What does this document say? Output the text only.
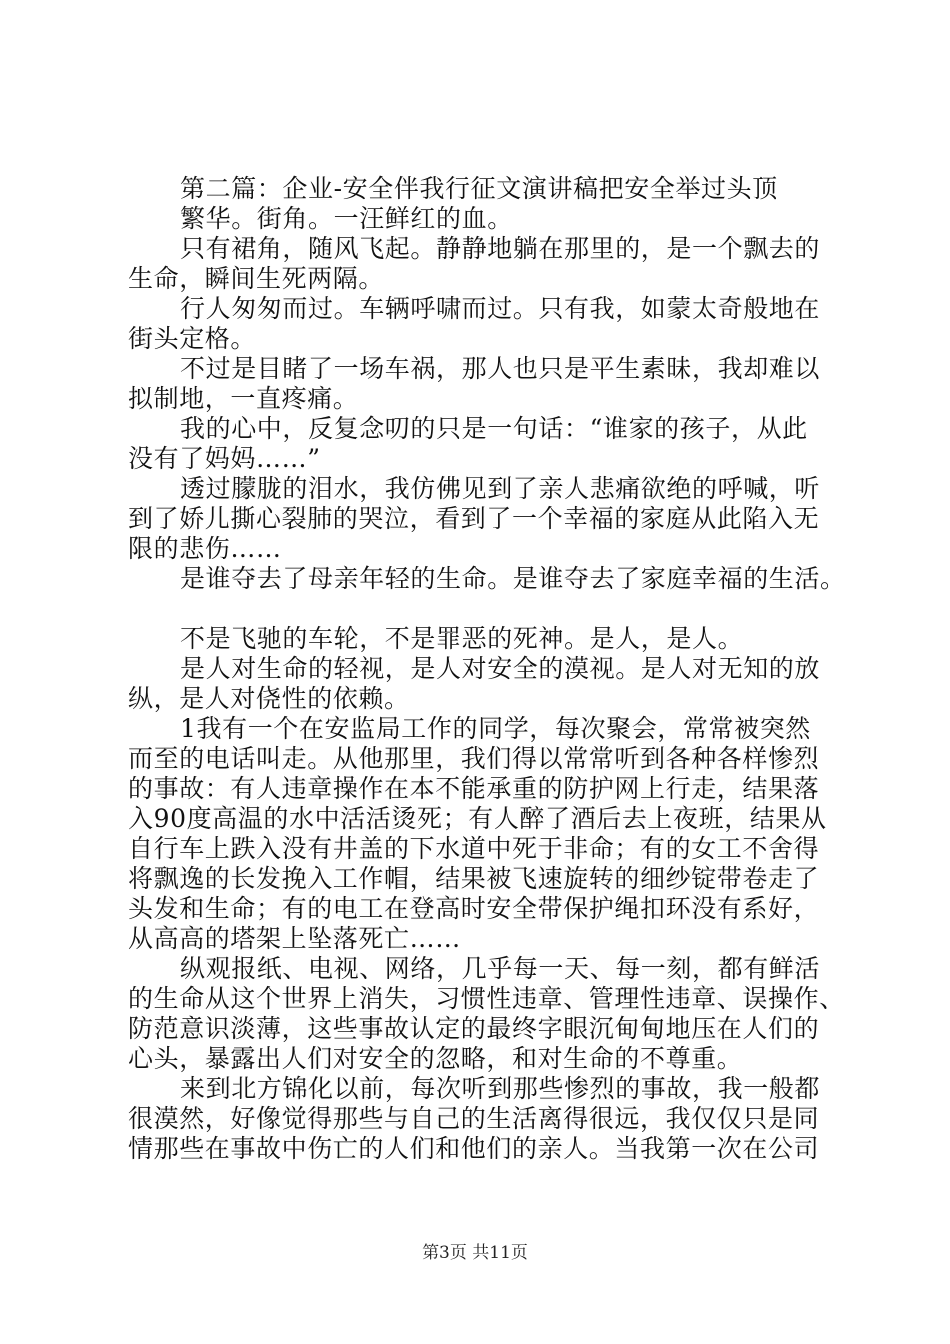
第二篇：企业-安全伴我行征文演讲稿把安全举过头顶
繁华。街角。一汪鲜红的血。
只有裙角，随风飞起。静静地躺在那里的，是一个飘去的
生命，瞬间生死两隔。
行人匆匆而过。车辆呼啸而过。只有我，如蒙太奇般地在
街头定格。
不过是目睹了一场车祸，那人也只是平生素昧，我却难以
拟制地，一直疼痛。
我的心中，反复念叨的只是一句话：“谁家的孩子，从此
没有了妈妈……”
透过朦胧的泪水，我仿佛见到了亲人悲痛欲绝的呼喊，听
到了娇儿撕心裂肺的哭泣，看到了一个幸福的家庭从此陷入无
限的悲伤……
是谁夺去了母亲年轻的生命。是谁夺去了家庭幸福的生活。
不是飞驰的车轮，不是罪恶的死神。是人，是人。
是人对生命的轻视，是人对安全的漠视。是人对无知的放
纵，是人对侥性的依赖。
1我有一个在安监局工作的同学，每次聚会，常常被突然
而至的电话叫走。从他那里，我们得以常常听到各种各样惨烈
的事故：有人违章操作在本不能承重的防护网上行走，结果落
入90度高温的水中活活烫死；有人醉了酒后去上夜班，结果从
自行车上跌入没有井盖的下水道中死于非命；有的女工不舍得
将飘逸的长发挽入工作帽，结果被飞速旋转的细纱锭带卷走了
头发和生命；有的电工在登高时安全带保护绳扣环没有系好，
从高高的塔架上坠落死亡……
纵观报纸、电视、网络，几乎每一天、每一刻，都有鲜活
的生命从这个世界上消失，习惯性违章、管理性违章、误操作、
防范意识淡薄，这些事故认定的最终字眼沉甸甸地压在人们的
心头，暴露出人们对安全的忽略，和对生命的不尊重。
来到北方锦化以前，每次听到那些惨烈的事故，我一般都
很漠然，好像觉得那些与自己的生活离得很远，我仅仅只是同
情那些在事故中伤亡的人们和他们的亲人。当我第一次在公司
第3页 共11页
